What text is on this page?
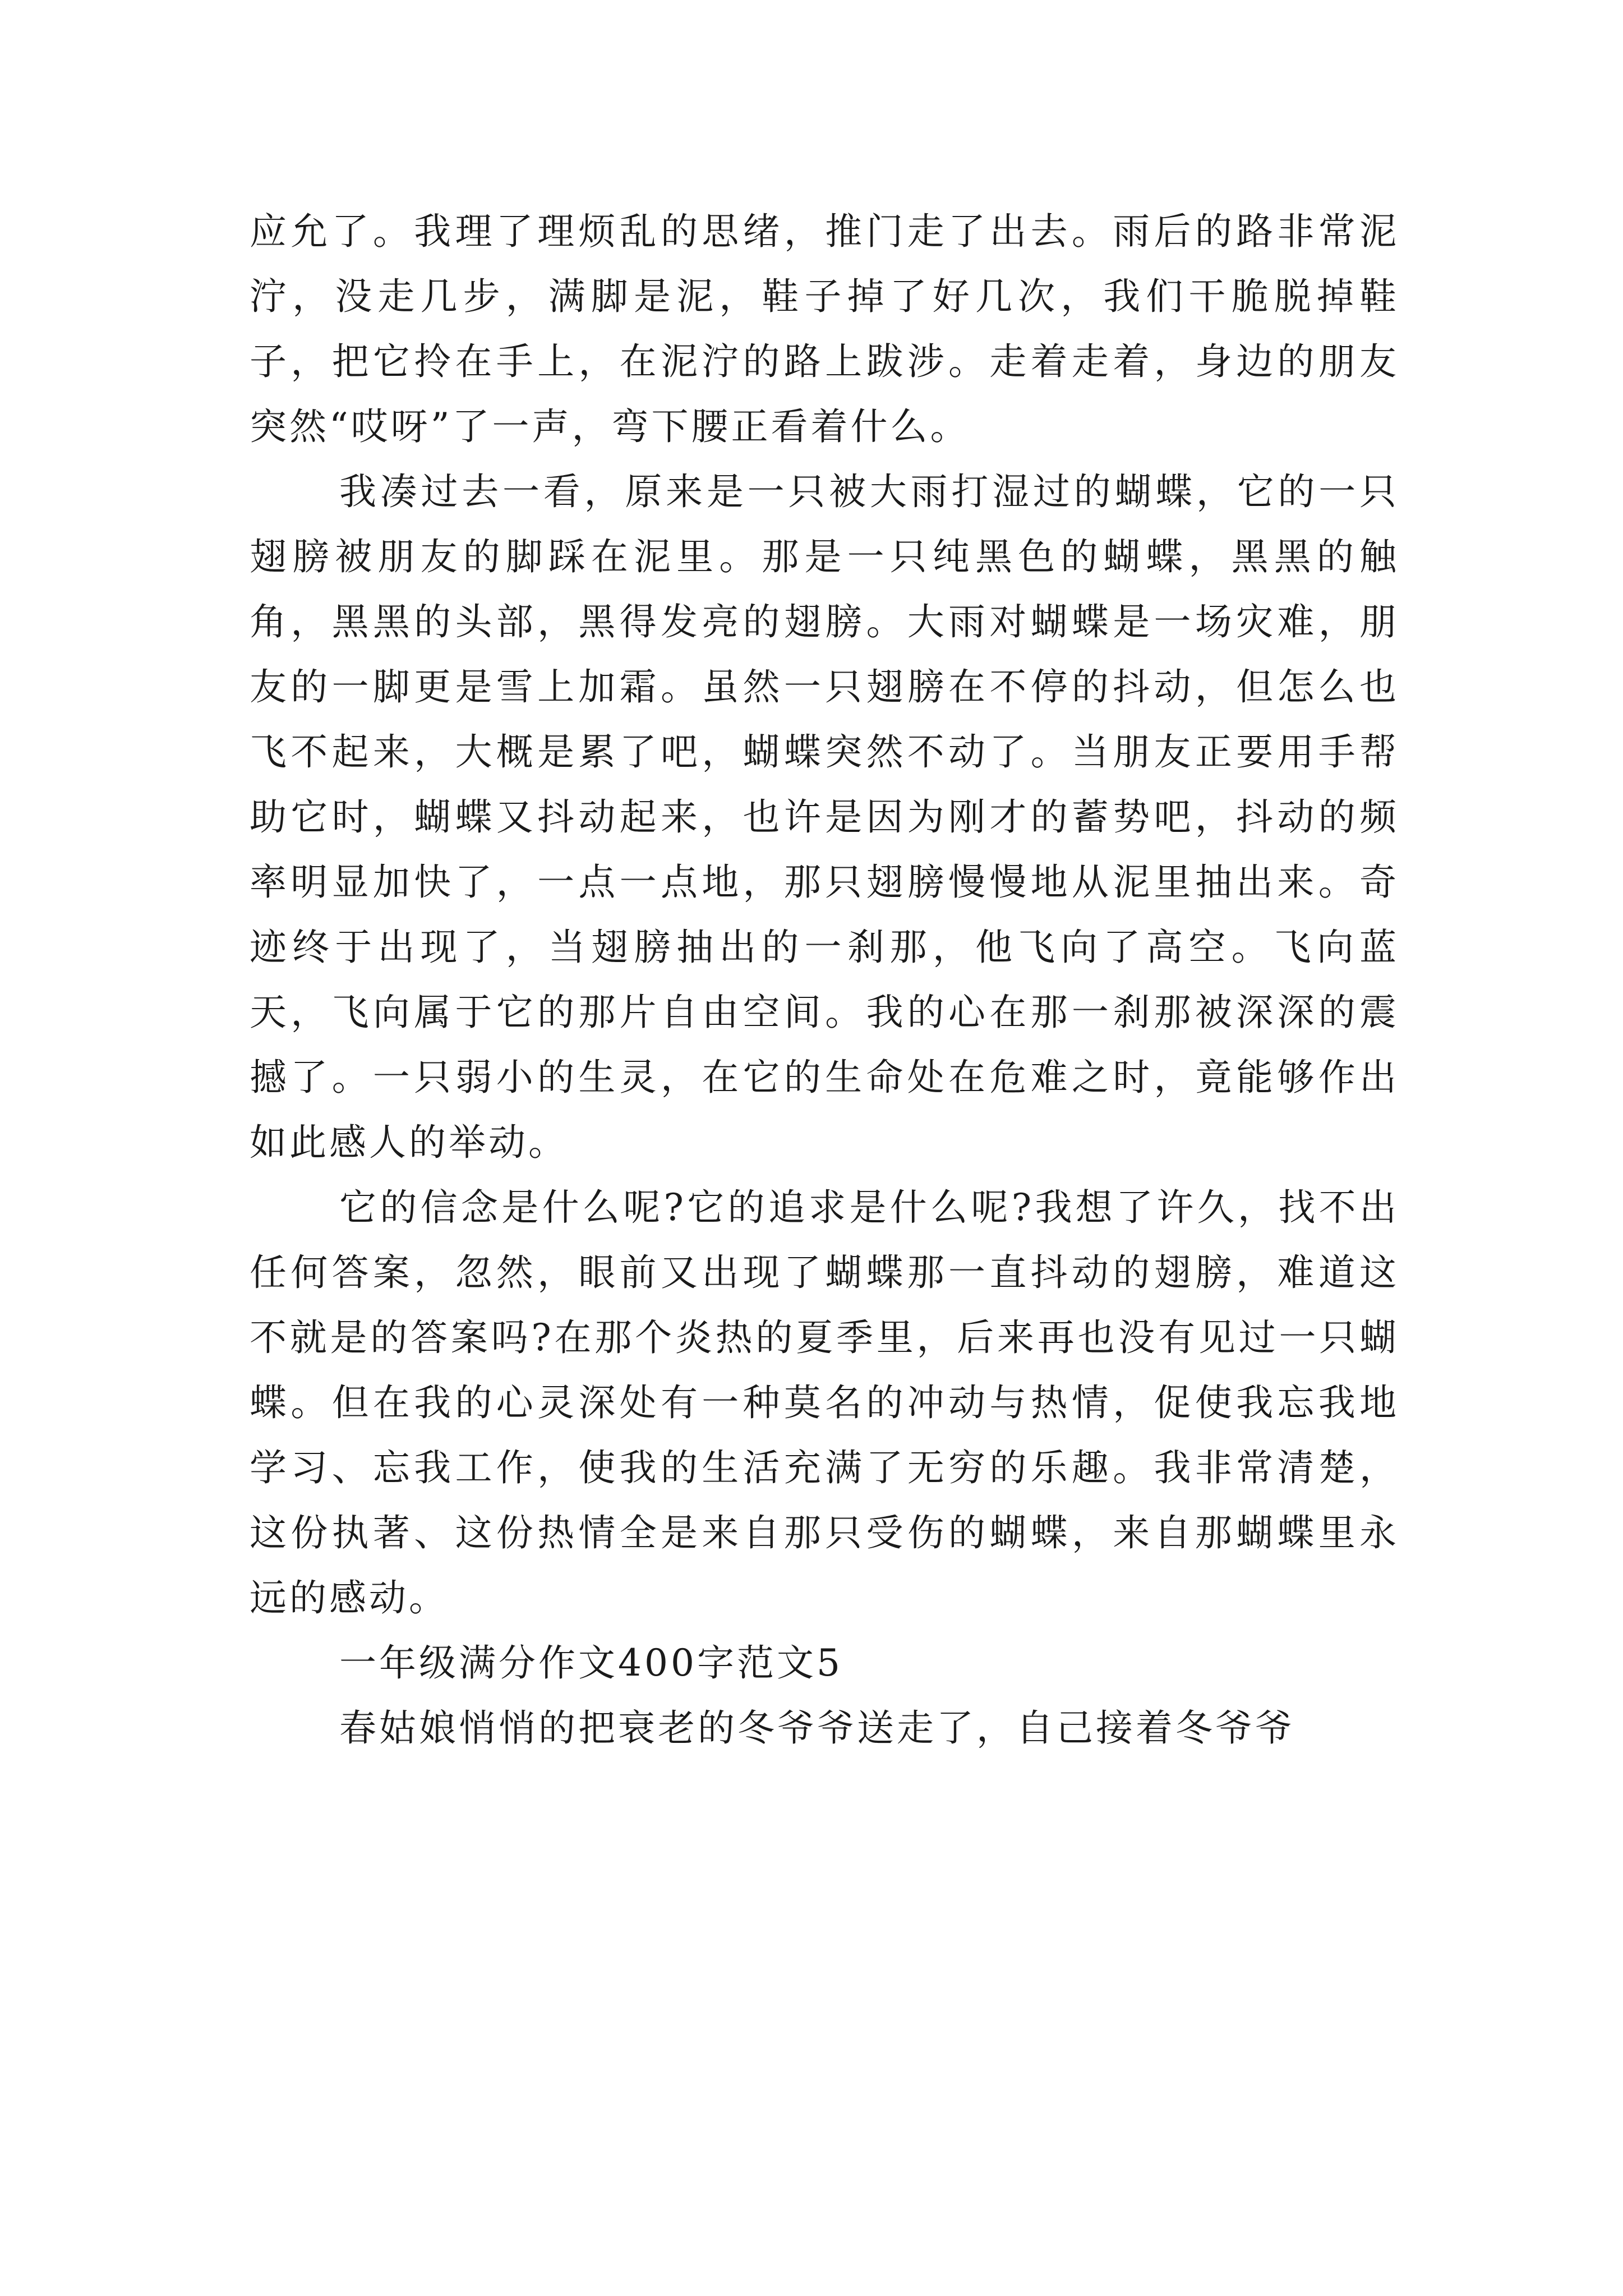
应允了。我理了理烦乱的思绪，推门走了出去。雨后的路非常泥泞，没走几步，满脚是泥，鞋子掉了好几次，我们干脆脱掉鞋子，把它拎在手上，在泥泞的路上跋涉。走着走着，身边的朋友突然“哎呀”了一声，弯下腰正看着什么。

我凑过去一看，原来是一只被大雨打湿过的蝴蝶，它的一只翅膀被朋友的脚踩在泥里。那是一只纯黑色的蝴蝶，黑黑的触角，黑黑的头部，黑得发亮的翅膀。大雨对蝴蝶是一场灾难，朋友的一脚更是雪上加霜。虽然一只翅膀在不停的抖动，但怎么也飞不起来，大概是累了吧，蝴蝶突然不动了。当朋友正要用手帮助它时，蝴蝶又抖动起来，也许是因为刚才的蓄势吧，抖动的频率明显加快了，一点一点地，那只翅膀慢慢地从泥里抽出来。奇迹终于出现了，当翅膀抽出的一刹那，他飞向了高空。飞向蓝天，飞向属于它的那片自由空间。我的心在那一刹那被深深的震撼了。一只弱小的生灵，在它的生命处在危难之时，竟能够作出如此感人的举动。

它的信念是什么呢?它的追求是什么呢?我想了许久，找不出任何答案，忽然，眼前又出现了蝴蝶那一直抖动的翅膀，难道这不就是的答案吗?在那个炎热的夏季里，后来再也没有见过一只蝴蝶。但在我的心灵深处有一种莫名的冲动与热情，促使我忘我地学习、忘我工作，使我的生活充满了无穷的乐趣。我非常清楚，这份执著、这份热情全是来自那只受伤的蝴蝶，来自那蝴蝶里永远的感动。

一年级满分作文400字范文5

春姑娘悄悄的把衰老的冬爷爷送走了，自己接着冬爷爷
